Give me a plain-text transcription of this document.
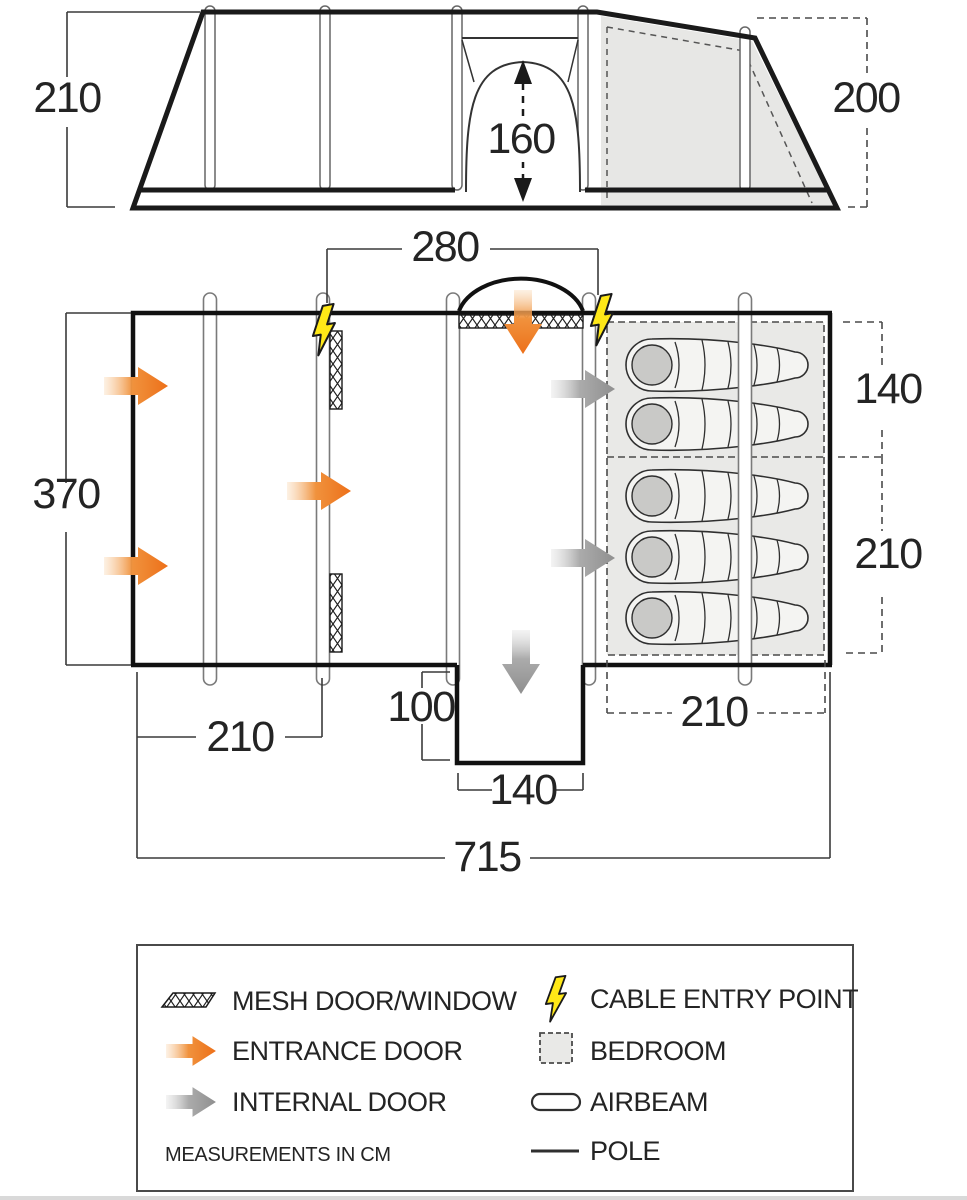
160
210	200
280
370
210
100
140
715
140
210
210
MESH DOOR/WINDOW
ENTRANCE DOOR
INTERNAL DOOR
MEASUREMENTS IN CM
CABLE ENTRY POINT
BEDROOM
AIRBEAM
POLE
